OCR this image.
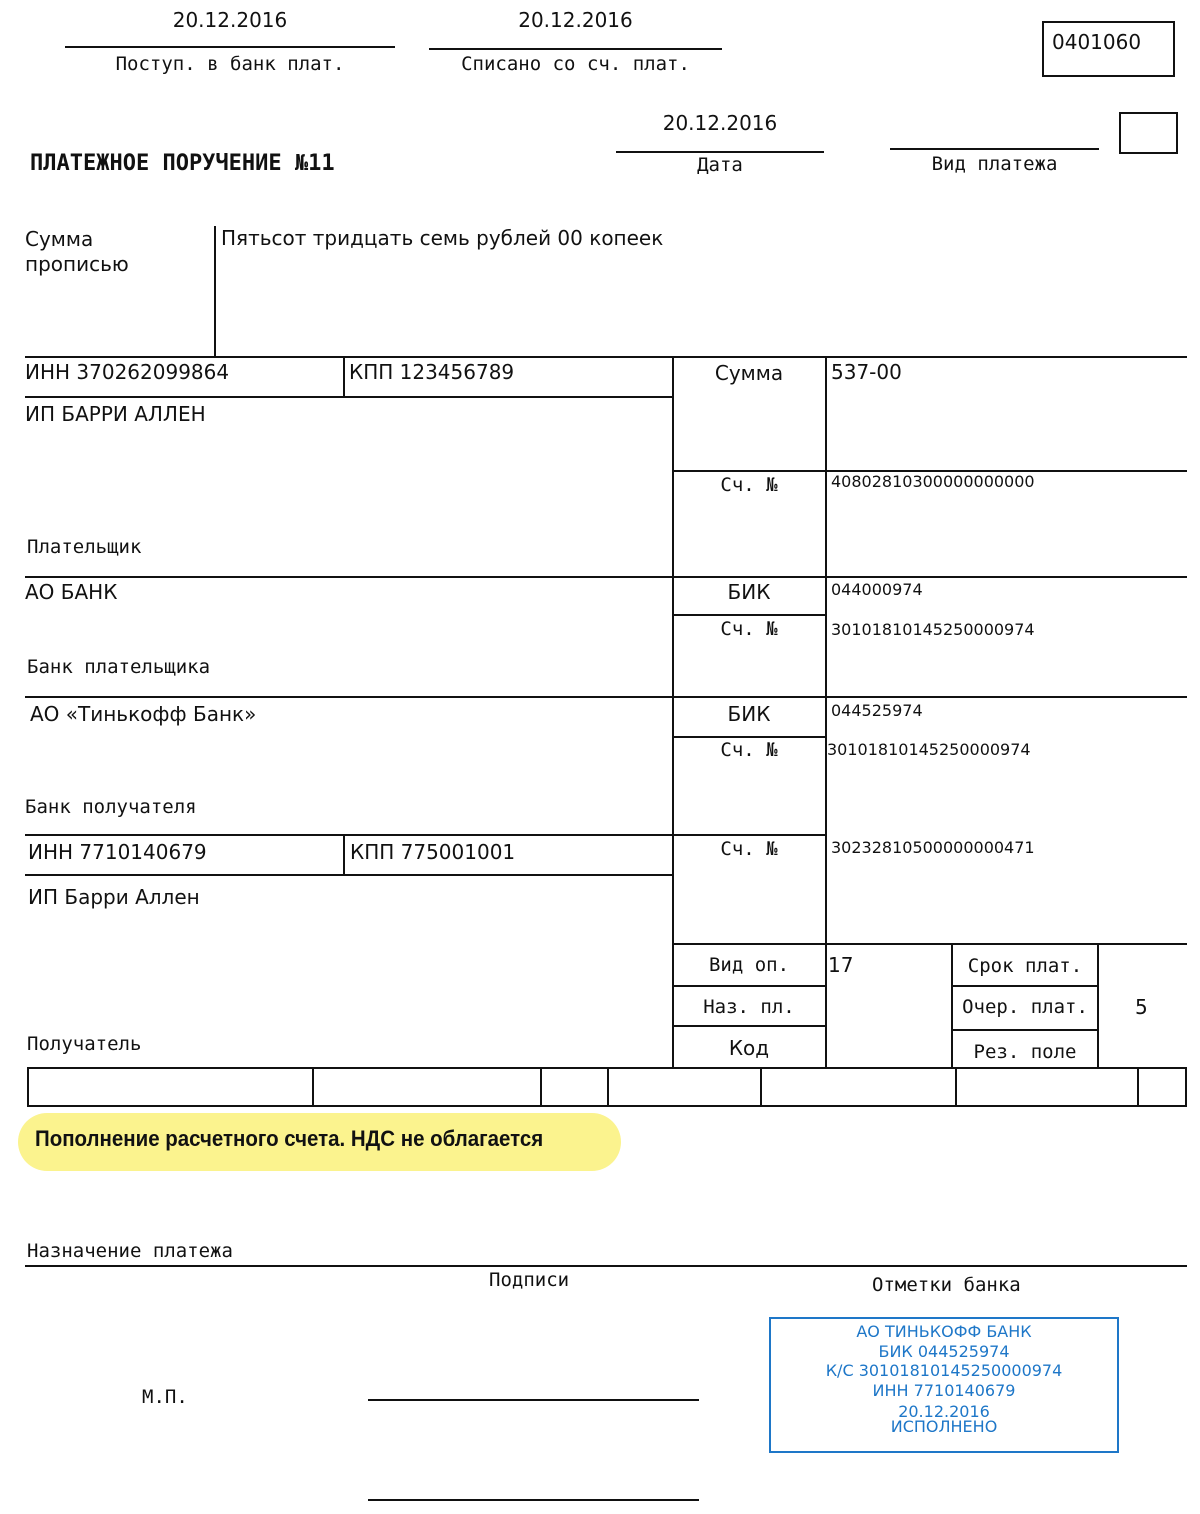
20.12.2016
Поступ. в банк плат.
20.12.2016
Списано со сч. плат.
0401060
ПЛАТЕЖНОЕ ПОРУЧЕНИЕ №11
20.12.2016
Дата	Вид платежа
Сумма
прописью
Пятьсот тридцать семь рублей 00 копеек
ИНН 370262099864	КПП 123456789
ИП БАРРИ АЛЛЕН
Плательщик
Сумма	537-00
Сч. №	40802810300000000000
АО БАНК
Банк плательщика
БИК	044000974
Сч. №	30101810145250000974
АО «Тинькофф Банк»
Банк получателя
БИК	044525974
Сч. №	30101810145250000974
ИНН 7710140679	КПП 775001001
ИП Барри Аллен
Получатель
Сч. №	30232810500000000471
Вид оп.	17
Наз. пл.
Код
Срок плат.
Очер. плат.	5
Рез. поле
Пополнение расчетного счета. НДС не облагается
Назначение платежа
Подписи	Отметки банка
М.П.
АО ТИНЬКОФФ БАНК
БИК 044525974
К/С 30101810145250000974
ИНН 7710140679
20.12.2016
ИСПОЛНЕНО
